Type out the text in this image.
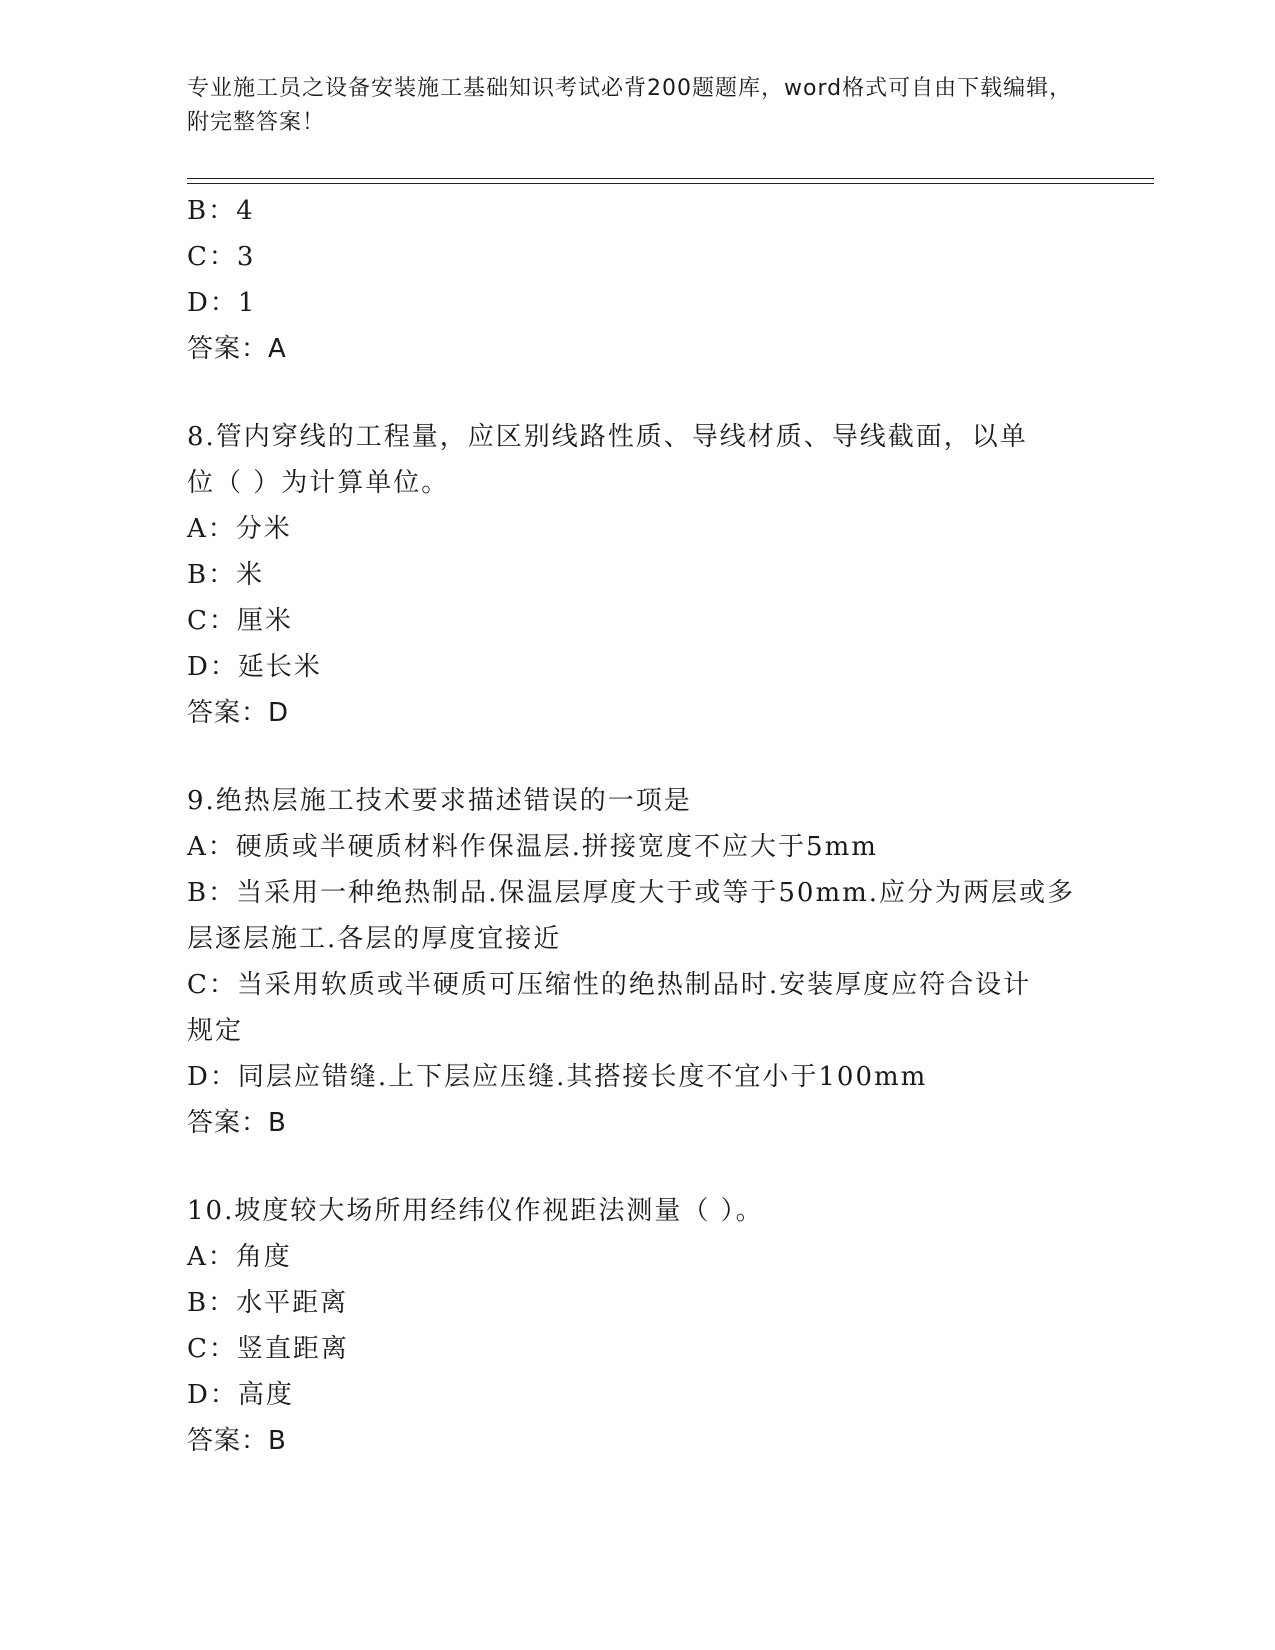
专业施工员之设备安装施工基础知识考试必背200题题库，word格式可自由下载编辑，附完整答案！
B：4
C：3
D：1
答案：A
8.管内穿线的工程量，应区别线路性质、导线材质、导线截面，以单
位（ ）为计算单位。
A：分米
B：米
C：厘米
D：延长米
答案：D
9.绝热层施工技术要求描述错误的一项是
A：硬质或半硬质材料作保温层.拼接宽度不应大于5mm
B：当采用一种绝热制品.保温层厚度大于或等于50mm.应分为两层或多
层逐层施工.各层的厚度宜接近
C：当采用软质或半硬质可压缩性的绝热制品时.安装厚度应符合设计
规定
D：同层应错缝.上下层应压缝.其搭接长度不宜小于100mm
答案：B
10.坡度较大场所用经纬仪作视距法测量（ ）。
A：角度
B：水平距离
C：竖直距离
D：高度
答案：B
